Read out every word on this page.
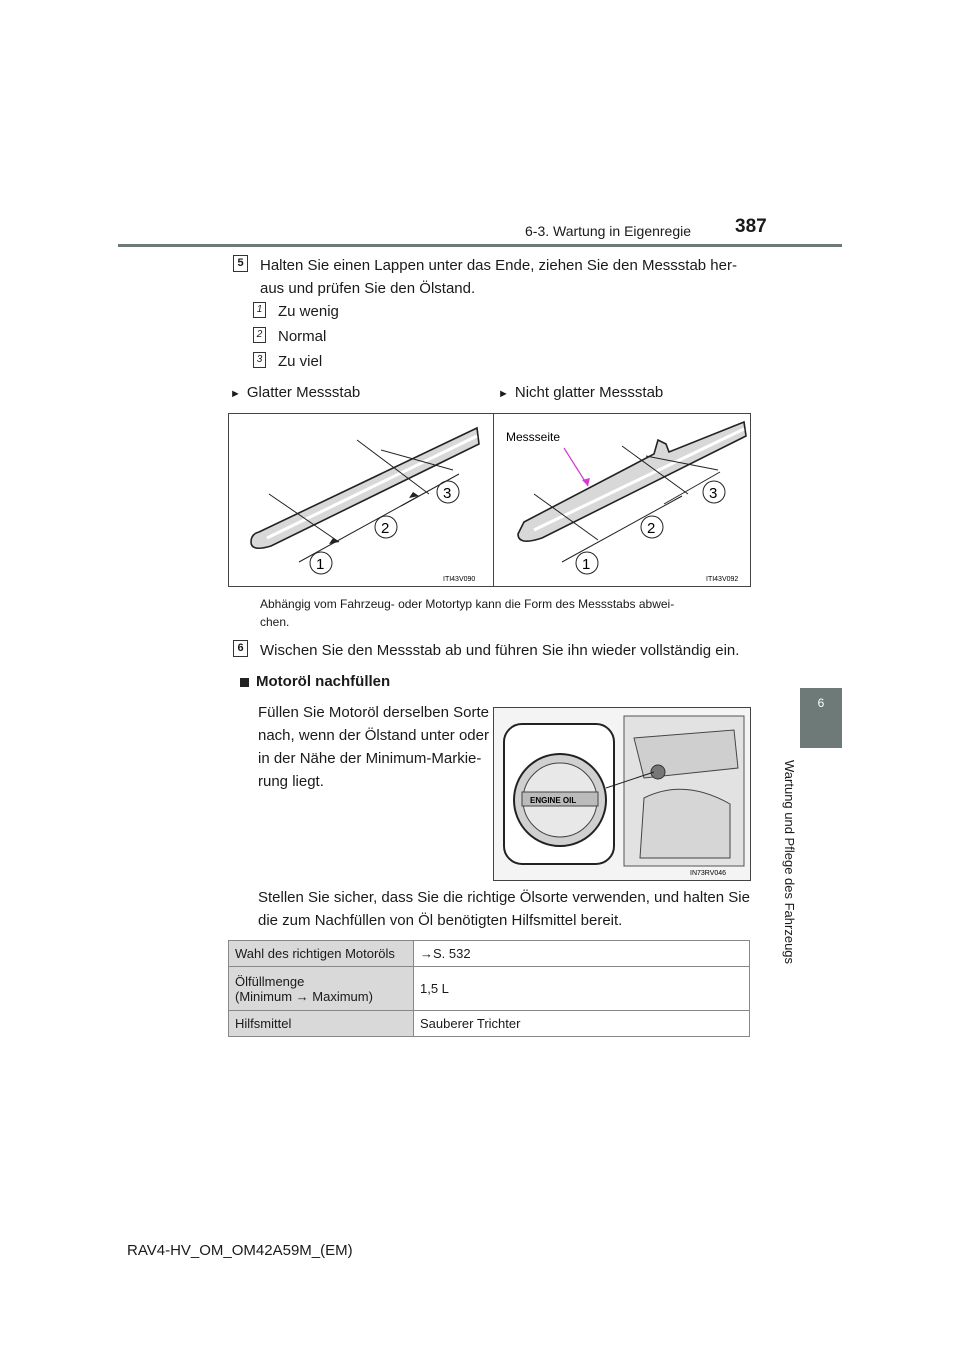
6-3. Wartung in Eigenregie 387
6
Wartung und Pflege des Fahrzeugs
5 Halten Sie einen Lappen unter das Ende, ziehen Sie den Messstab her-
aus und prüfen Sie den Ölstand.
1 Zu wenig
2 Normal
3 Zu viel
► Glatter Messstab	► Nicht glatter Messstab
1
2
3
ITI43V090
Messseite
1
2
3
ITI43V092
Abhängig vom Fahrzeug- oder Motortyp kann die Form des Messstabs abwei-
chen.
6 Wischen Sie den Messstab ab und führen Sie ihn wieder vollständig ein.
Motoröl nachfüllen
Füllen Sie Motoröl derselben Sorte
nach, wenn der Ölstand unter oder
in der Nähe der Minimum-Markie-
rung liegt.
ENGINE OIL
IN73RV046
Stellen Sie sicher, dass Sie die richtige Ölsorte verwenden, und halten Sie
die zum Nachfüllen von Öl benötigten Hilfsmittel bereit.
Wahl des richtigen Motoröls	→S. 532

Ölfüllmenge
(Minimum → Maximum)	1,5 L
Hilfsmittel	Sauberer Trichter
RAV4-HV_OM_OM42A59M_(EM)
